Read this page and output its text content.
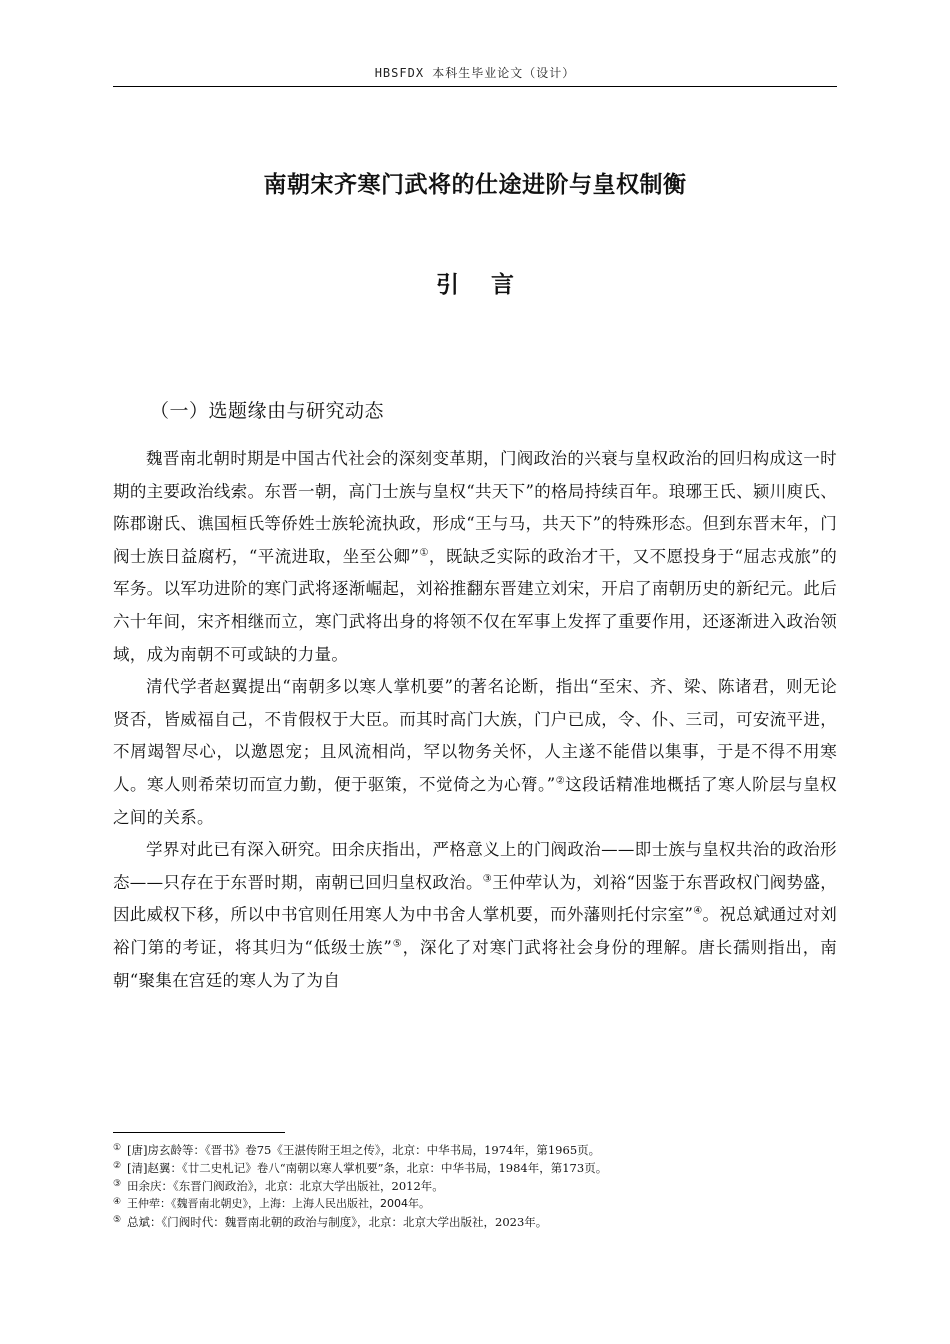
HBSFDX 本科生毕业论文（设计）
南朝宋齐寒门武将的仕途进阶与皇权制衡
引 言
（一）选题缘由与研究动态

魏晋南北朝时期是中国古代社会的深刻变革期，门阀政治的兴衰与皇权政治的回归构成这一时期的主要政治线索。东晋一朝，高门士族与皇权“共天下”的格局持续百年。琅琊王氏、颍川庾氏、陈郡谢氏、谯国桓氏等侨姓士族轮流执政，形成“王与马，共天下”的特殊形态。但到东晋末年，门阀士族日益腐朽，“平流进取，坐至公卿”①，既缺乏实际的政治才干，又不愿投身于“屈志戎旅”的军务。以军功进阶的寒门武将逐渐崛起，刘裕推翻东晋建立刘宋，开启了南朝历史的新纪元。此后六十年间，宋齐相继而立，寒门武将出身的将领不仅在军事上发挥了重要作用，还逐渐进入政治领域，成为南朝不可或缺的力量。

清代学者赵翼提出“南朝多以寒人掌机要”的著名论断，指出“至宋、齐、梁、陈诸君，则无论贤否，皆威福自己，不肯假权于大臣。而其时高门大族，门户已成，令、仆、三司，可安流平进，不屑竭智尽心，以邀恩宠；且风流相尚，罕以物务关怀，人主遂不能借以集事，于是不得不用寒人。寒人则希荣切而宣力勤，便于驱策，不觉倚之为心膂。”②这段话精准地概括了寒人阶层与皇权之间的关系。

学界对此已有深入研究。田余庆指出，严格意义上的门阀政治——即士族与皇权共治的政治形态——只存在于东晋时期，南朝已回归皇权政治。③王仲荦认为，刘裕“因鉴于东晋政权门阀势盛，因此威权下移，所以中书官则任用寒人为中书舍人掌机要，而外藩则托付宗室”④。祝总斌通过对刘裕门第的考证，将其归为“低级士族”⑤，深化了对寒门武将社会身份的理解。唐长孺则指出，南朝“聚集在宫廷的寒人为了为自

① [唐]房玄龄等：《晋书》卷75《王湛传附王坦之传》，北京：中华书局，1974年，第1965页。
② [清]赵翼：《廿二史札记》卷八“南朝以寒人掌机要”条，北京：中华书局，1984年，第173页。
③ 田余庆：《东晋门阀政治》，北京：北京大学出版社，2012年。
④ 王仲荦：《魏晋南北朝史》，上海：上海人民出版社，2004年。
⑤ 总斌：《门阀时代：魏晋南北朝的政治与制度》，北京：北京大学出版社，2023年。
